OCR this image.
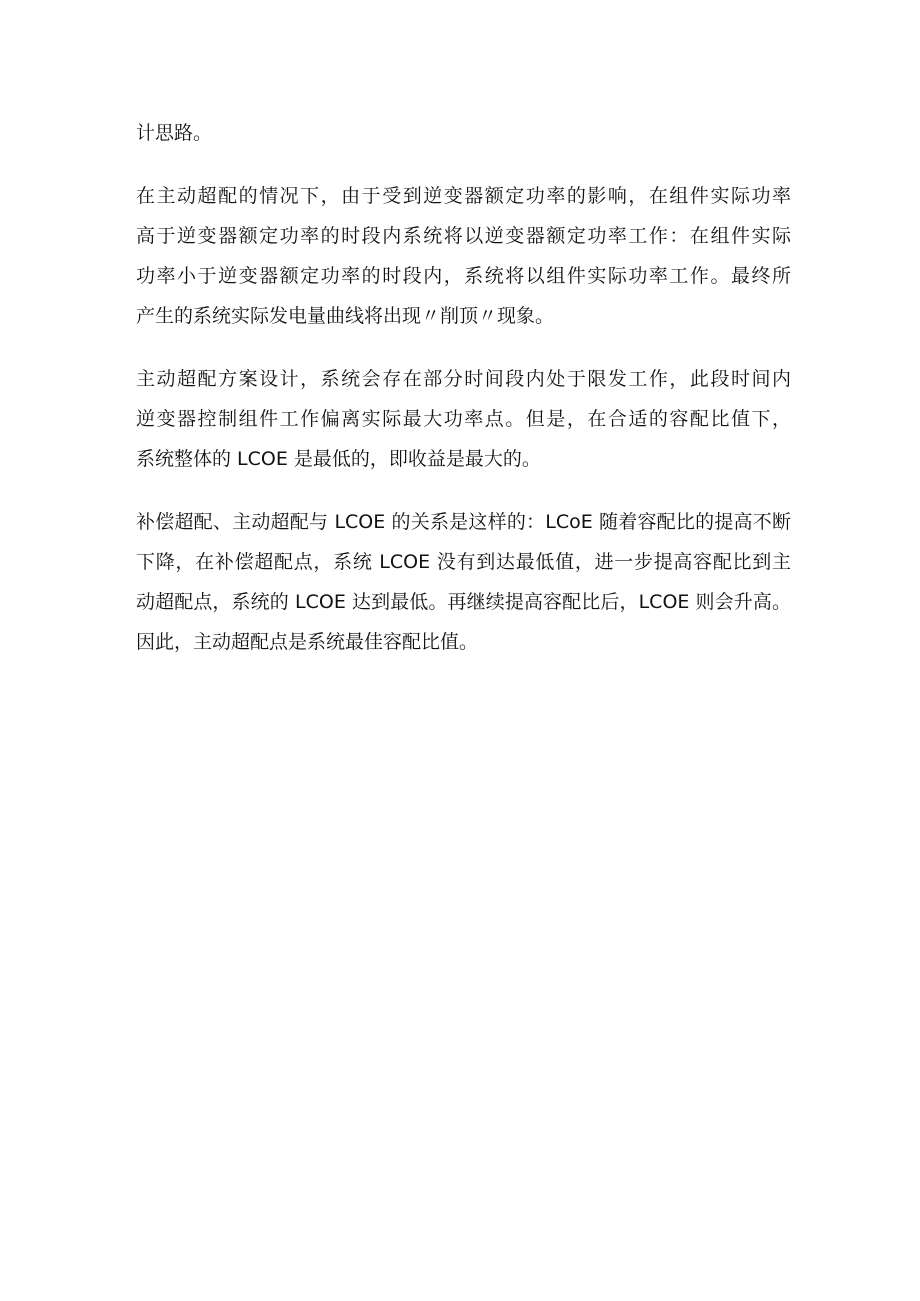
计思路。
在主动超配的情况下，由于受到逆变器额定功率的影响，在组件实际功率
高于逆变器额定功率的时段内系统将以逆变器额定功率工作：在组件实际
功率小于逆变器额定功率的时段内，系统将以组件实际功率工作。最终所
产生的系统实际发电量曲线将出现〃削顶〃现象。
主动超配方案设计，系统会存在部分时间段内处于限发工作，此段时间内
逆变器控制组件工作偏离实际最大功率点。但是，在合适的容配比值下，
系统整体的 LCOE 是最低的，即收益是最大的。
补偿超配、主动超配与 LCOE 的关系是这样的：LCoE 随着容配比的提高不断
下降，在补偿超配点，系统 LCOE 没有到达最低值，进一步提高容配比到主
动超配点，系统的 LCOE 达到最低。再继续提高容配比后，LCOE 则会升高。
因此，主动超配点是系统最佳容配比值。
